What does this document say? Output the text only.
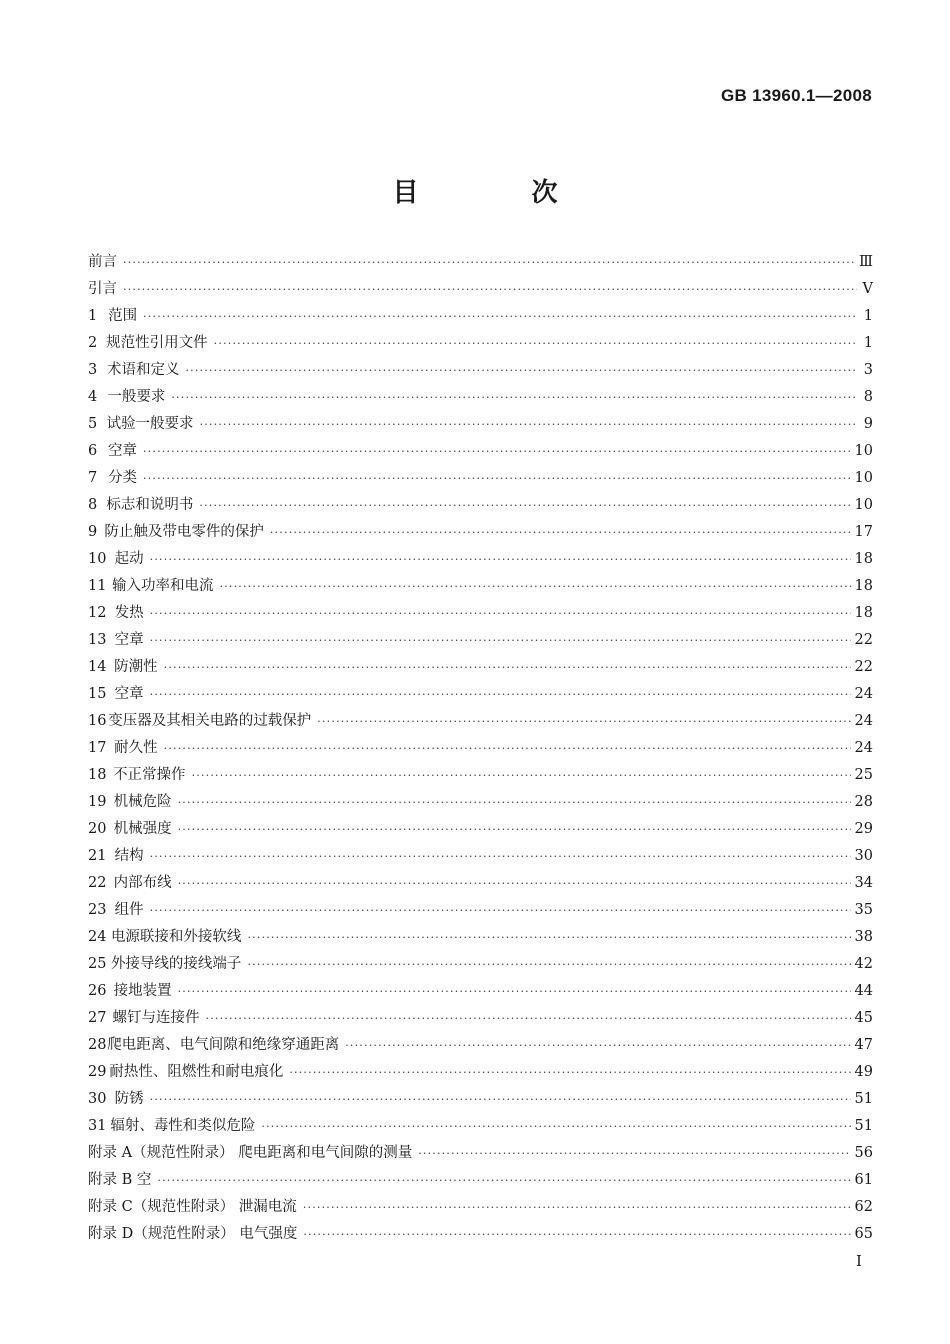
GB 13960.1—2008
目 次
前言 ·····	Ⅲ
引言 ·····	Ⅴ
1 范围 ·····	1
2 规范性引用文件 ·····	1
3 术语和定义 ·····	3
4 一般要求 ·····	8
5 试验一般要求 ·····	9
6 空章 ·····	10
7 分类 ·····	10
8 标志和说明书 ·····	10
9 防止触及带电零件的保护 ·····	17
10 起动 ·····	18
11 输入功率和电流 ·····	18
12 发热 ·····	18
13 空章 ·····	22
14 防潮性 ·····	22
15 空章 ·····	24
16 变压器及其相关电路的过载保护 ·····	24
17 耐久性 ·····	24
18 不正常操作 ·····	25
19 机械危险 ·····	28
20 机械强度 ·····	29
21 结构 ·····	30
22 内部布线 ·····	34
23 组件 ·····	35
24 电源联接和外接软线 ·····	38
25 外接导线的接线端子 ·····	42
26 接地装置 ·····	44
27 螺钉与连接件 ·····	45
28 爬电距离、电气间隙和绝缘穿通距离 ·····	47
29 耐热性、阻燃性和耐电痕化 ·····	49
30 防锈 ·····	51
31 辐射、毒性和类似危险 ·····	51
附录 A（规范性附录） 爬电距离和电气间隙的测量 ·····	56
附录 B 空 ·····	61
附录 C（规范性附录） 泄漏电流 ·····	62
附录 D（规范性附录） 电气强度 ·····	65
Ⅰ
